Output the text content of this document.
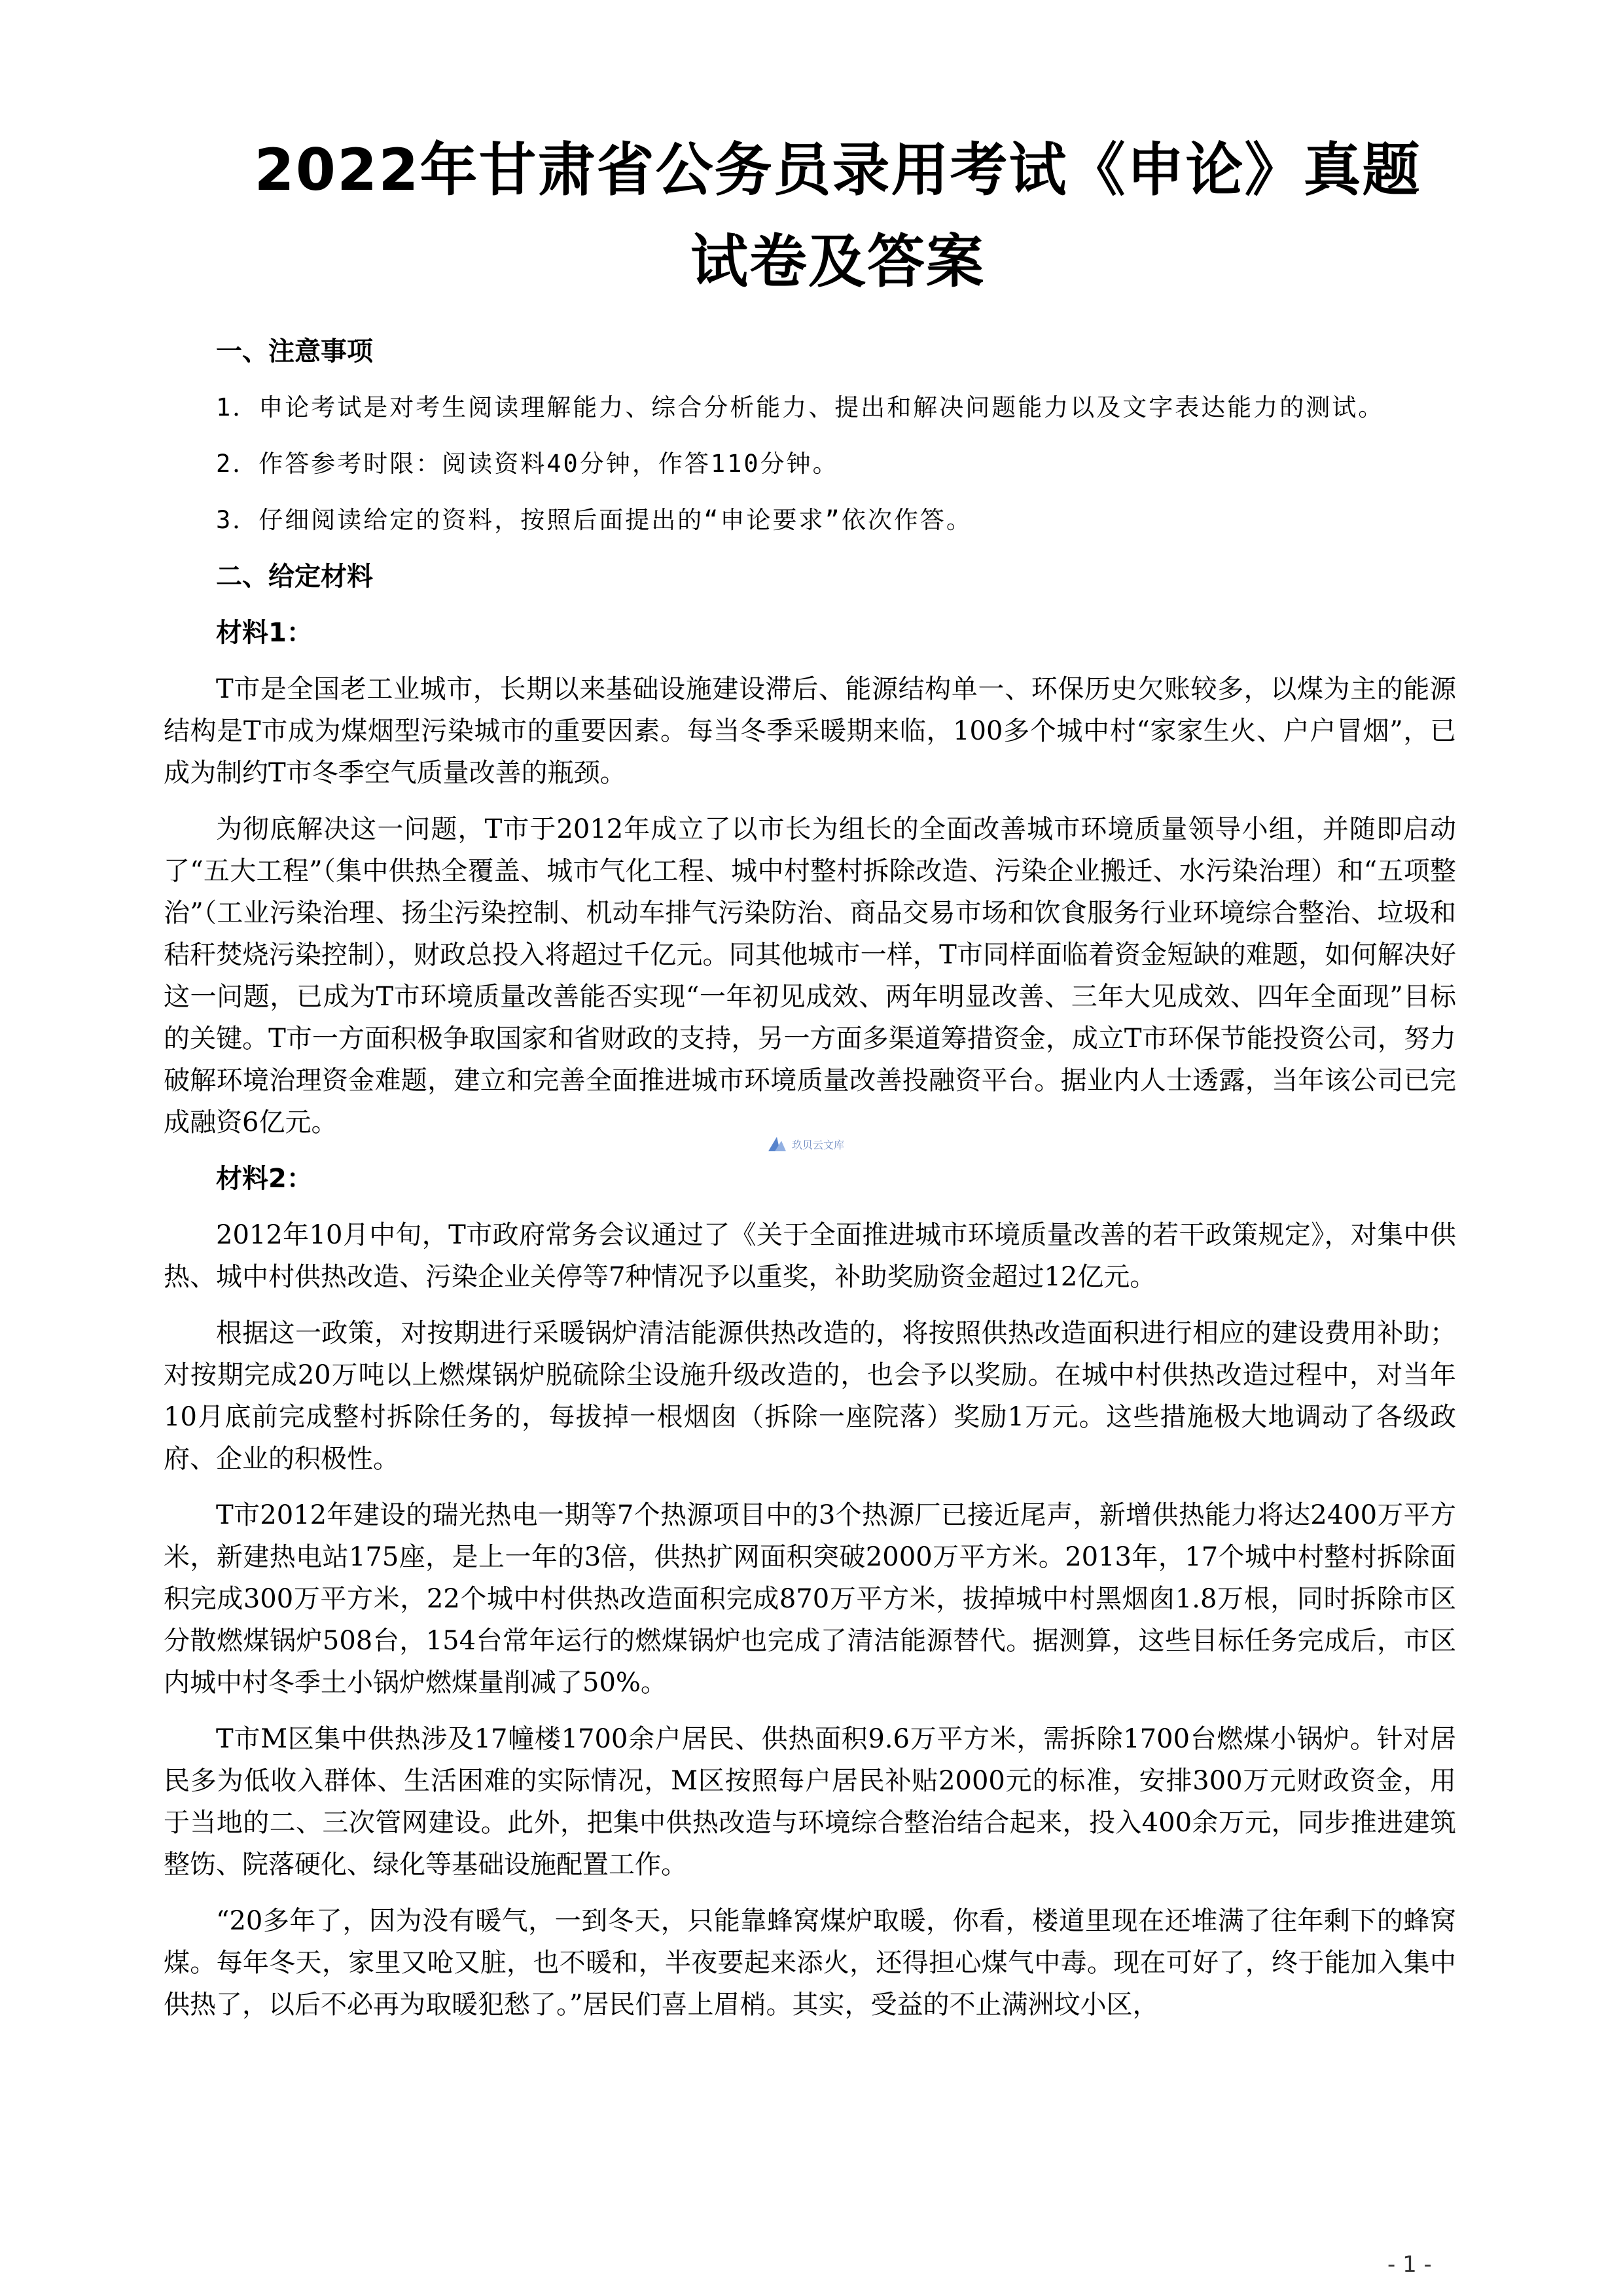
2022年甘肃省公务员录用考试《申论》真题
试卷及答案

一、注意事项

1．申论考试是对考生阅读理解能力、综合分析能力、提出和解决问题能力以及文字表达能力的测试。

2．作答参考时限：阅读资料40分钟，作答110分钟。

3．仔细阅读给定的资料，按照后面提出的“申论要求”依次作答。

二、给定材料

材料1：

T市是全国老工业城市，长期以来基础设施建设滞后、能源结构单一、环保历史欠账较多，以煤为主的能源结构是T市成为煤烟型污染城市的重要因素。每当冬季采暖期来临，100多个城中村“家家生火、户户冒烟”，已成为制约T市冬季空气质量改善的瓶颈。

为彻底解决这一问题，T市于2012年成立了以市长为组长的全面改善城市环境质量领导小组，并随即启动了“五大工程”（集中供热全覆盖、城市气化工程、城中村整村拆除改造、污染企业搬迁、水污染治理）和“五项整治”（工业污染治理、扬尘污染控制、机动车排气污染防治、商品交易市场和饮食服务行业环境综合整治、垃圾和秸秆焚烧污染控制），财政总投入将超过千亿元。同其他城市一样，T市同样面临着资金短缺的难题，如何解决好这一问题，已成为T市环境质量改善能否实现“一年初见成效、两年明显改善、三年大见成效、四年全面现”目标的关键。T市一方面积极争取国家和省财政的支持，另一方面多渠道筹措资金，成立T市环保节能投资公司，努力破解环境治理资金难题，建立和完善全面推进城市环境质量改善投融资平台。据业内人士透露，当年该公司已完成融资6亿元。

材料2：

2012年10月中旬，T市政府常务会议通过了《关于全面推进城市环境质量改善的若干政策规定》，对集中供热、城中村供热改造、污染企业关停等7种情况予以重奖，补助奖励资金超过12亿元。

根据这一政策，对按期进行采暖锅炉清洁能源供热改造的，将按照供热改造面积进行相应的建设费用补助；对按期完成20万吨以上燃煤锅炉脱硫除尘设施升级改造的，也会予以奖励。在城中村供热改造过程中，对当年10月底前完成整村拆除任务的，每拔掉一根烟囱（拆除一座院落）奖励1万元。这些措施极大地调动了各级政府、企业的积极性。

T市2012年建设的瑞光热电一期等7个热源项目中的3个热源厂已接近尾声，新增供热能力将达2400万平方米，新建热电站175座，是上一年的3倍，供热扩网面积突破2000万平方米。2013年，17个城中村整村拆除面积完成300万平方米，22个城中村供热改造面积完成870万平方米，拔掉城中村黑烟囱1.8万根，同时拆除市区分散燃煤锅炉508台，154台常年运行的燃煤锅炉也完成了清洁能源替代。据测算，这些目标任务完成后，市区内城中村冬季土小锅炉燃煤量削减了50%。

T市M区集中供热涉及17幢楼1700余户居民、供热面积9.6万平方米，需拆除1700台燃煤小锅炉。针对居民多为低收入群体、生活困难的实际情况，M区按照每户居民补贴2000元的标准，安排300万元财政资金，用于当地的二、三次管网建设。此外，把集中供热改造与环境综合整治结合起来，投入400余万元，同步推进建筑整饬、院落硬化、绿化等基础设施配置工作。

“20多年了，因为没有暖气，一到冬天，只能靠蜂窝煤炉取暖，你看，楼道里现在还堆满了往年剩下的蜂窝煤。每年冬天，家里又呛又脏，也不暖和，半夜要起来添火，还得担心煤气中毒。现在可好了，终于能加入集中供热了，以后不必再为取暖犯愁了。”居民们喜上眉梢。其实，受益的不止满洲坟小区，

玖贝云文库
- 1 -
